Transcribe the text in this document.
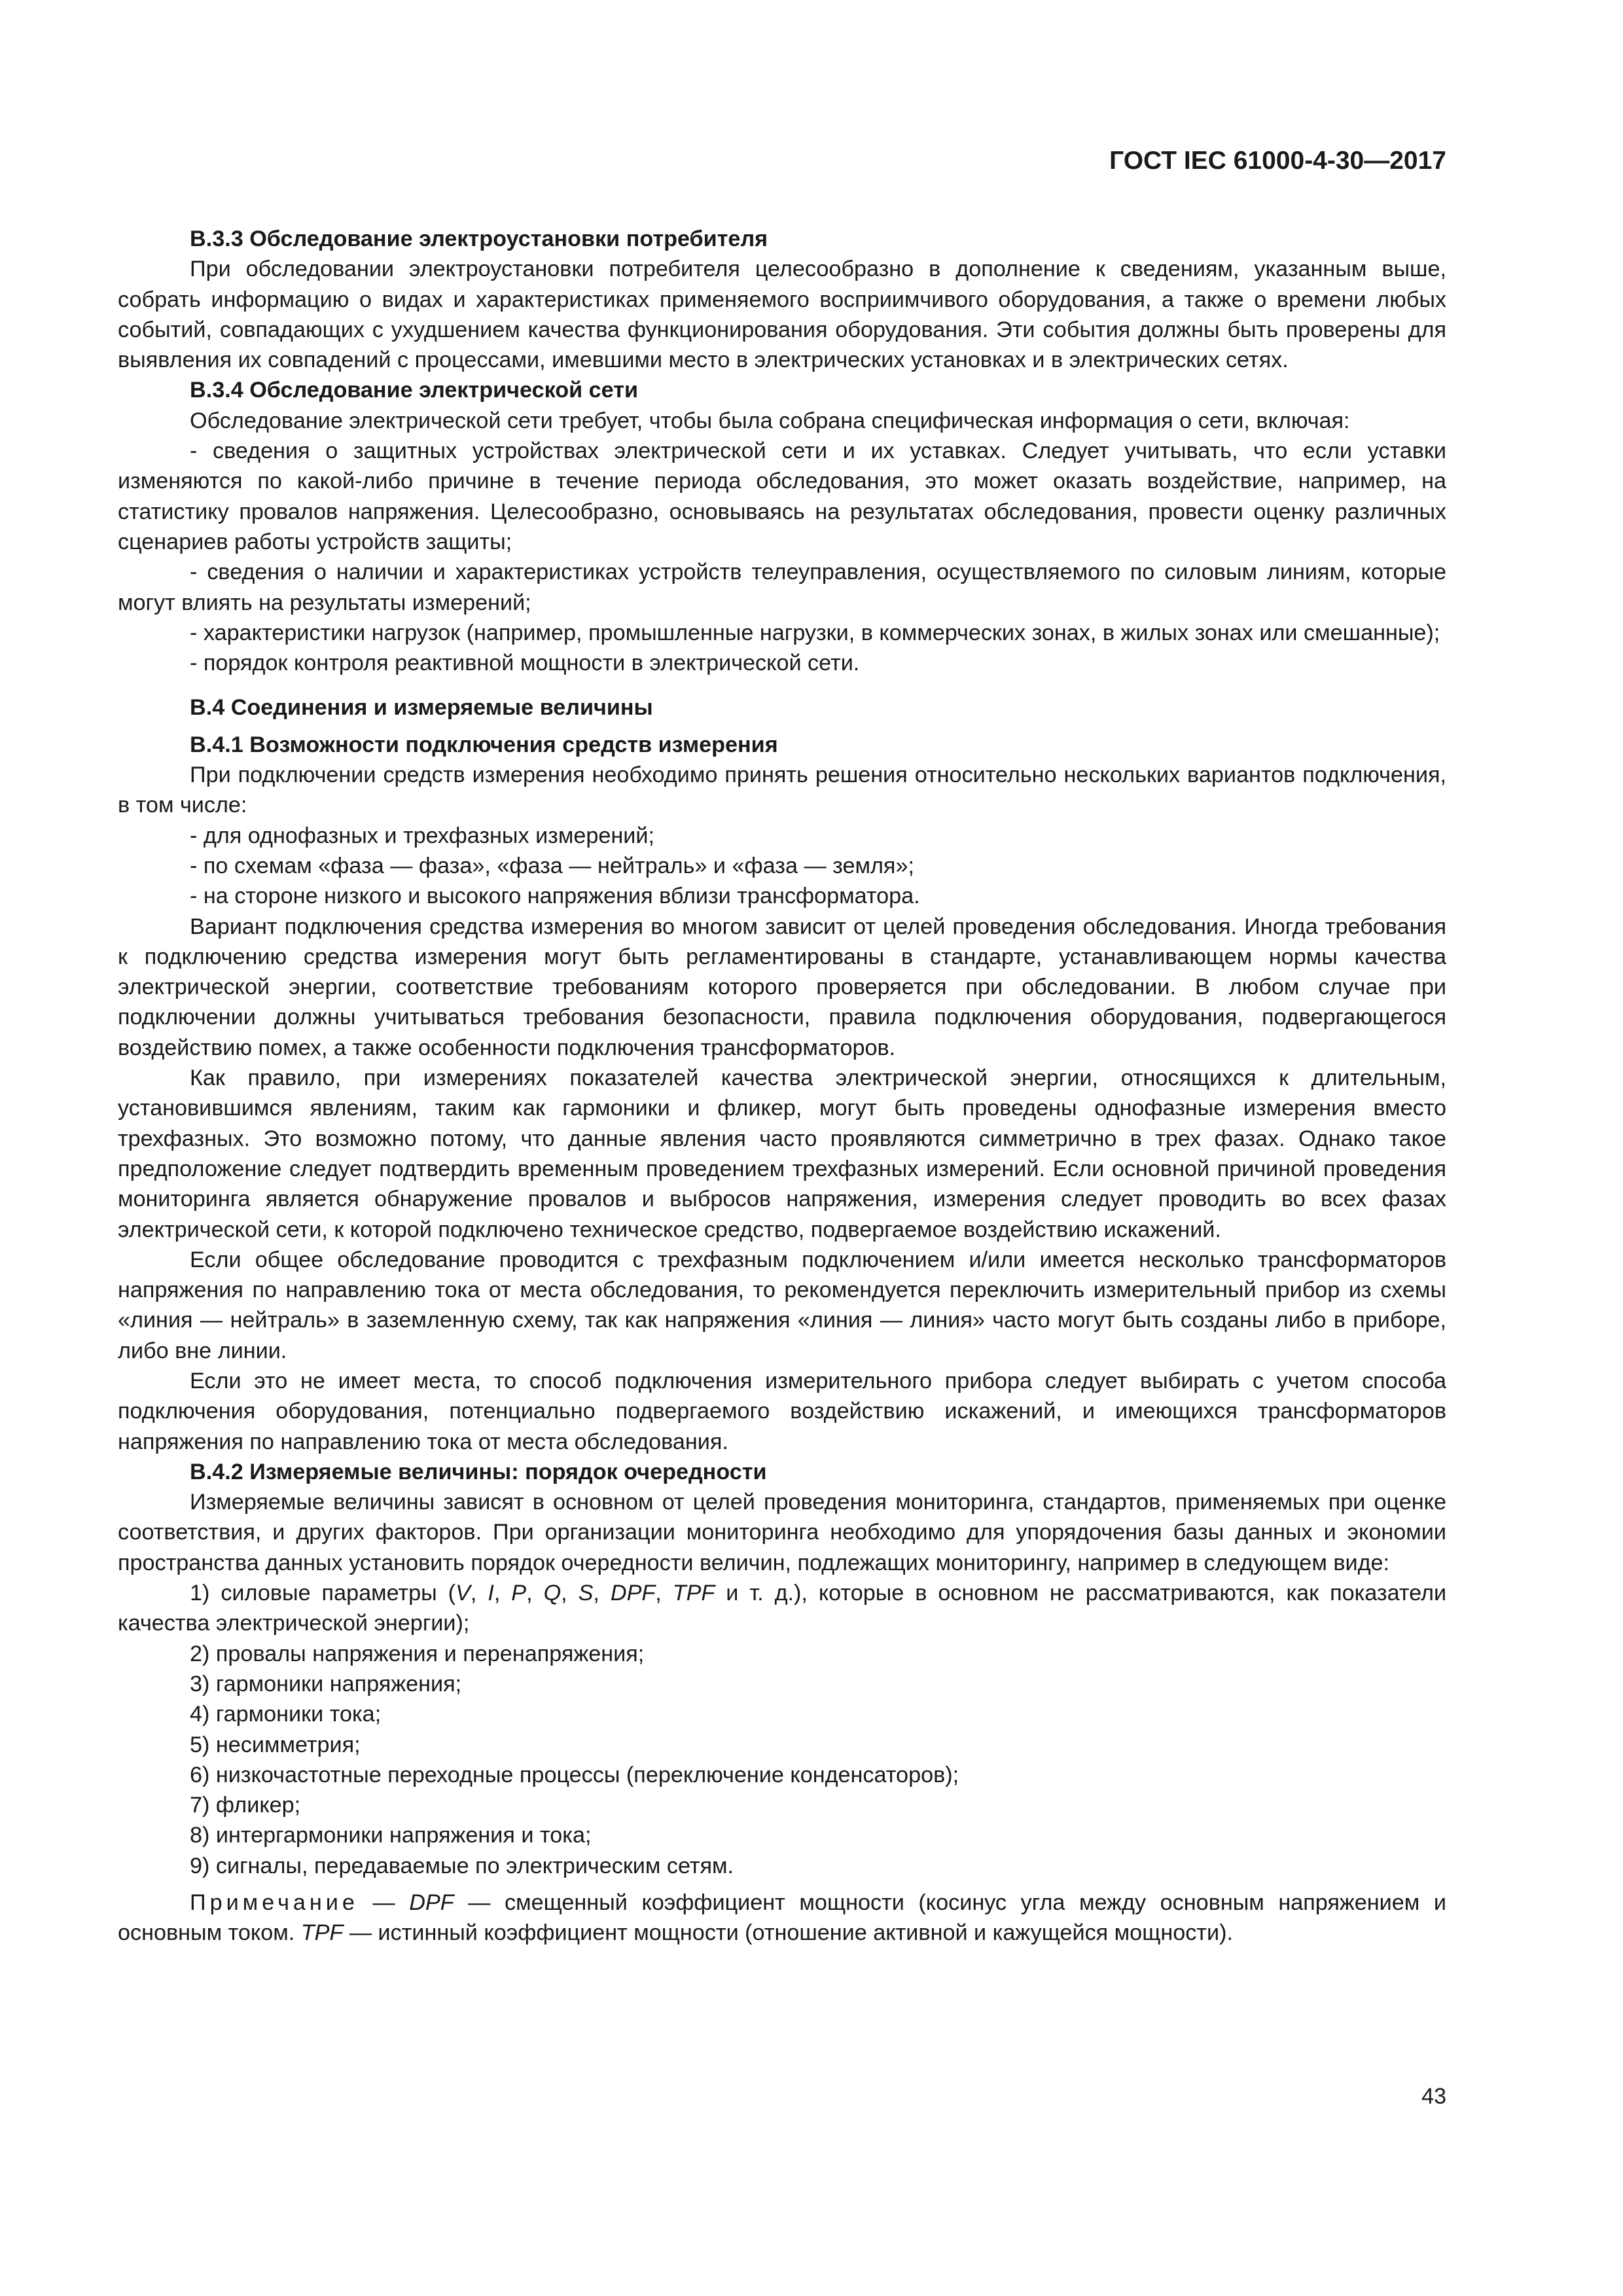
ГОСТ IEC 61000-4-30—2017

В.3.3 Обследование электроустановки потребителя

При обследовании электроустановки потребителя целесообразно в дополнение к сведениям, указанным выше, собрать информацию о видах и характеристиках применяемого восприимчивого оборудования, а также о времени любых событий, совпадающих с ухудшением качества функционирования оборудования. Эти события должны быть проверены для выявления их совпадений с процессами, имевшими место в электрических установках и в электрических сетях.

В.3.4 Обследование электрической сети

Обследование электрической сети требует, чтобы была собрана специфическая информация о сети, включая:

- сведения о защитных устройствах электрической сети и их уставках. Следует учитывать, что если уставки изменяются по какой-либо причине в течение периода обследования, это может оказать воздействие, например, на статистику провалов напряжения. Целесообразно, основываясь на результатах обследования, провести оценку различных сценариев работы устройств защиты;

- сведения о наличии и характеристиках устройств телеуправления, осуществляемого по силовым линиям, которые могут влиять на результаты измерений;

- характеристики нагрузок (например, промышленные нагрузки, в коммерческих зонах, в жилых зонах или смешанные);

- порядок контроля реактивной мощности в электрической сети.

В.4 Соединения и измеряемые величины

В.4.1 Возможности подключения средств измерения

При подключении средств измерения необходимо принять решения относительно нескольких вариантов подключения, в том числе:

- для однофазных и трехфазных измерений;

- по схемам «фаза — фаза», «фаза — нейтраль» и «фаза — земля»;

- на стороне низкого и высокого напряжения вблизи трансформатора.

Вариант подключения средства измерения во многом зависит от целей проведения обследования. Иногда требования к подключению средства измерения могут быть регламентированы в стандарте, устанавливающем нормы качества электрической энергии, соответствие требованиям которого проверяется при обследовании. В любом случае при подключении должны учитываться требования безопасности, правила подключения оборудования, подвергающегося воздействию помех, а также особенности подключения трансформаторов.

Как правило, при измерениях показателей качества электрической энергии, относящихся к длительным, установившимся явлениям, таким как гармоники и фликер, могут быть проведены однофазные измерения вместо трехфазных. Это возможно потому, что данные явления часто проявляются симметрично в трех фазах. Однако такое предположение следует подтвердить временным проведением трехфазных измерений. Если основной причиной проведения мониторинга является обнаружение провалов и выбросов напряжения, измерения следует проводить во всех фазах электрической сети, к которой подключено техническое средство, подвергаемое воздействию искажений.

Если общее обследование проводится с трехфазным подключением и/или имеется несколько трансформаторов напряжения по направлению тока от места обследования, то рекомендуется переключить измерительный прибор из схемы «линия — нейтраль» в заземленную схему, так как напряжения «линия — линия» часто могут быть созданы либо в приборе, либо вне линии.

Если это не имеет места, то способ подключения измерительного прибора следует выбирать с учетом способа подключения оборудования, потенциально подвергаемого воздействию искажений, и имеющихся трансформаторов напряжения по направлению тока от места обследования.

В.4.2 Измеряемые величины: порядок очередности

Измеряемые величины зависят в основном от целей проведения мониторинга, стандартов, применяемых при оценке соответствия, и других факторов. При организации мониторинга необходимо для упорядочения базы данных и экономии пространства данных установить порядок очередности величин, подлежащих мониторингу, например в следующем виде:

1) силовые параметры (V, I, P, Q, S, DPF, TPF и т. д.), которые в основном не рассматриваются, как показатели качества электрической энергии);

2) провалы напряжения и перенапряжения;

3) гармоники напряжения;

4) гармоники тока;

5) несимметрия;

6) низкочастотные переходные процессы (переключение конденсаторов);

7) фликер;

8) интергармоники напряжения и тока;

9) сигналы, передаваемые по электрическим сетям.

Примечание — DPF — смещенный коэффициент мощности (косинус угла между основным напряжением и основным током. TPF — истинный коэффициент мощности (отношение активной и кажущейся мощности).

43
